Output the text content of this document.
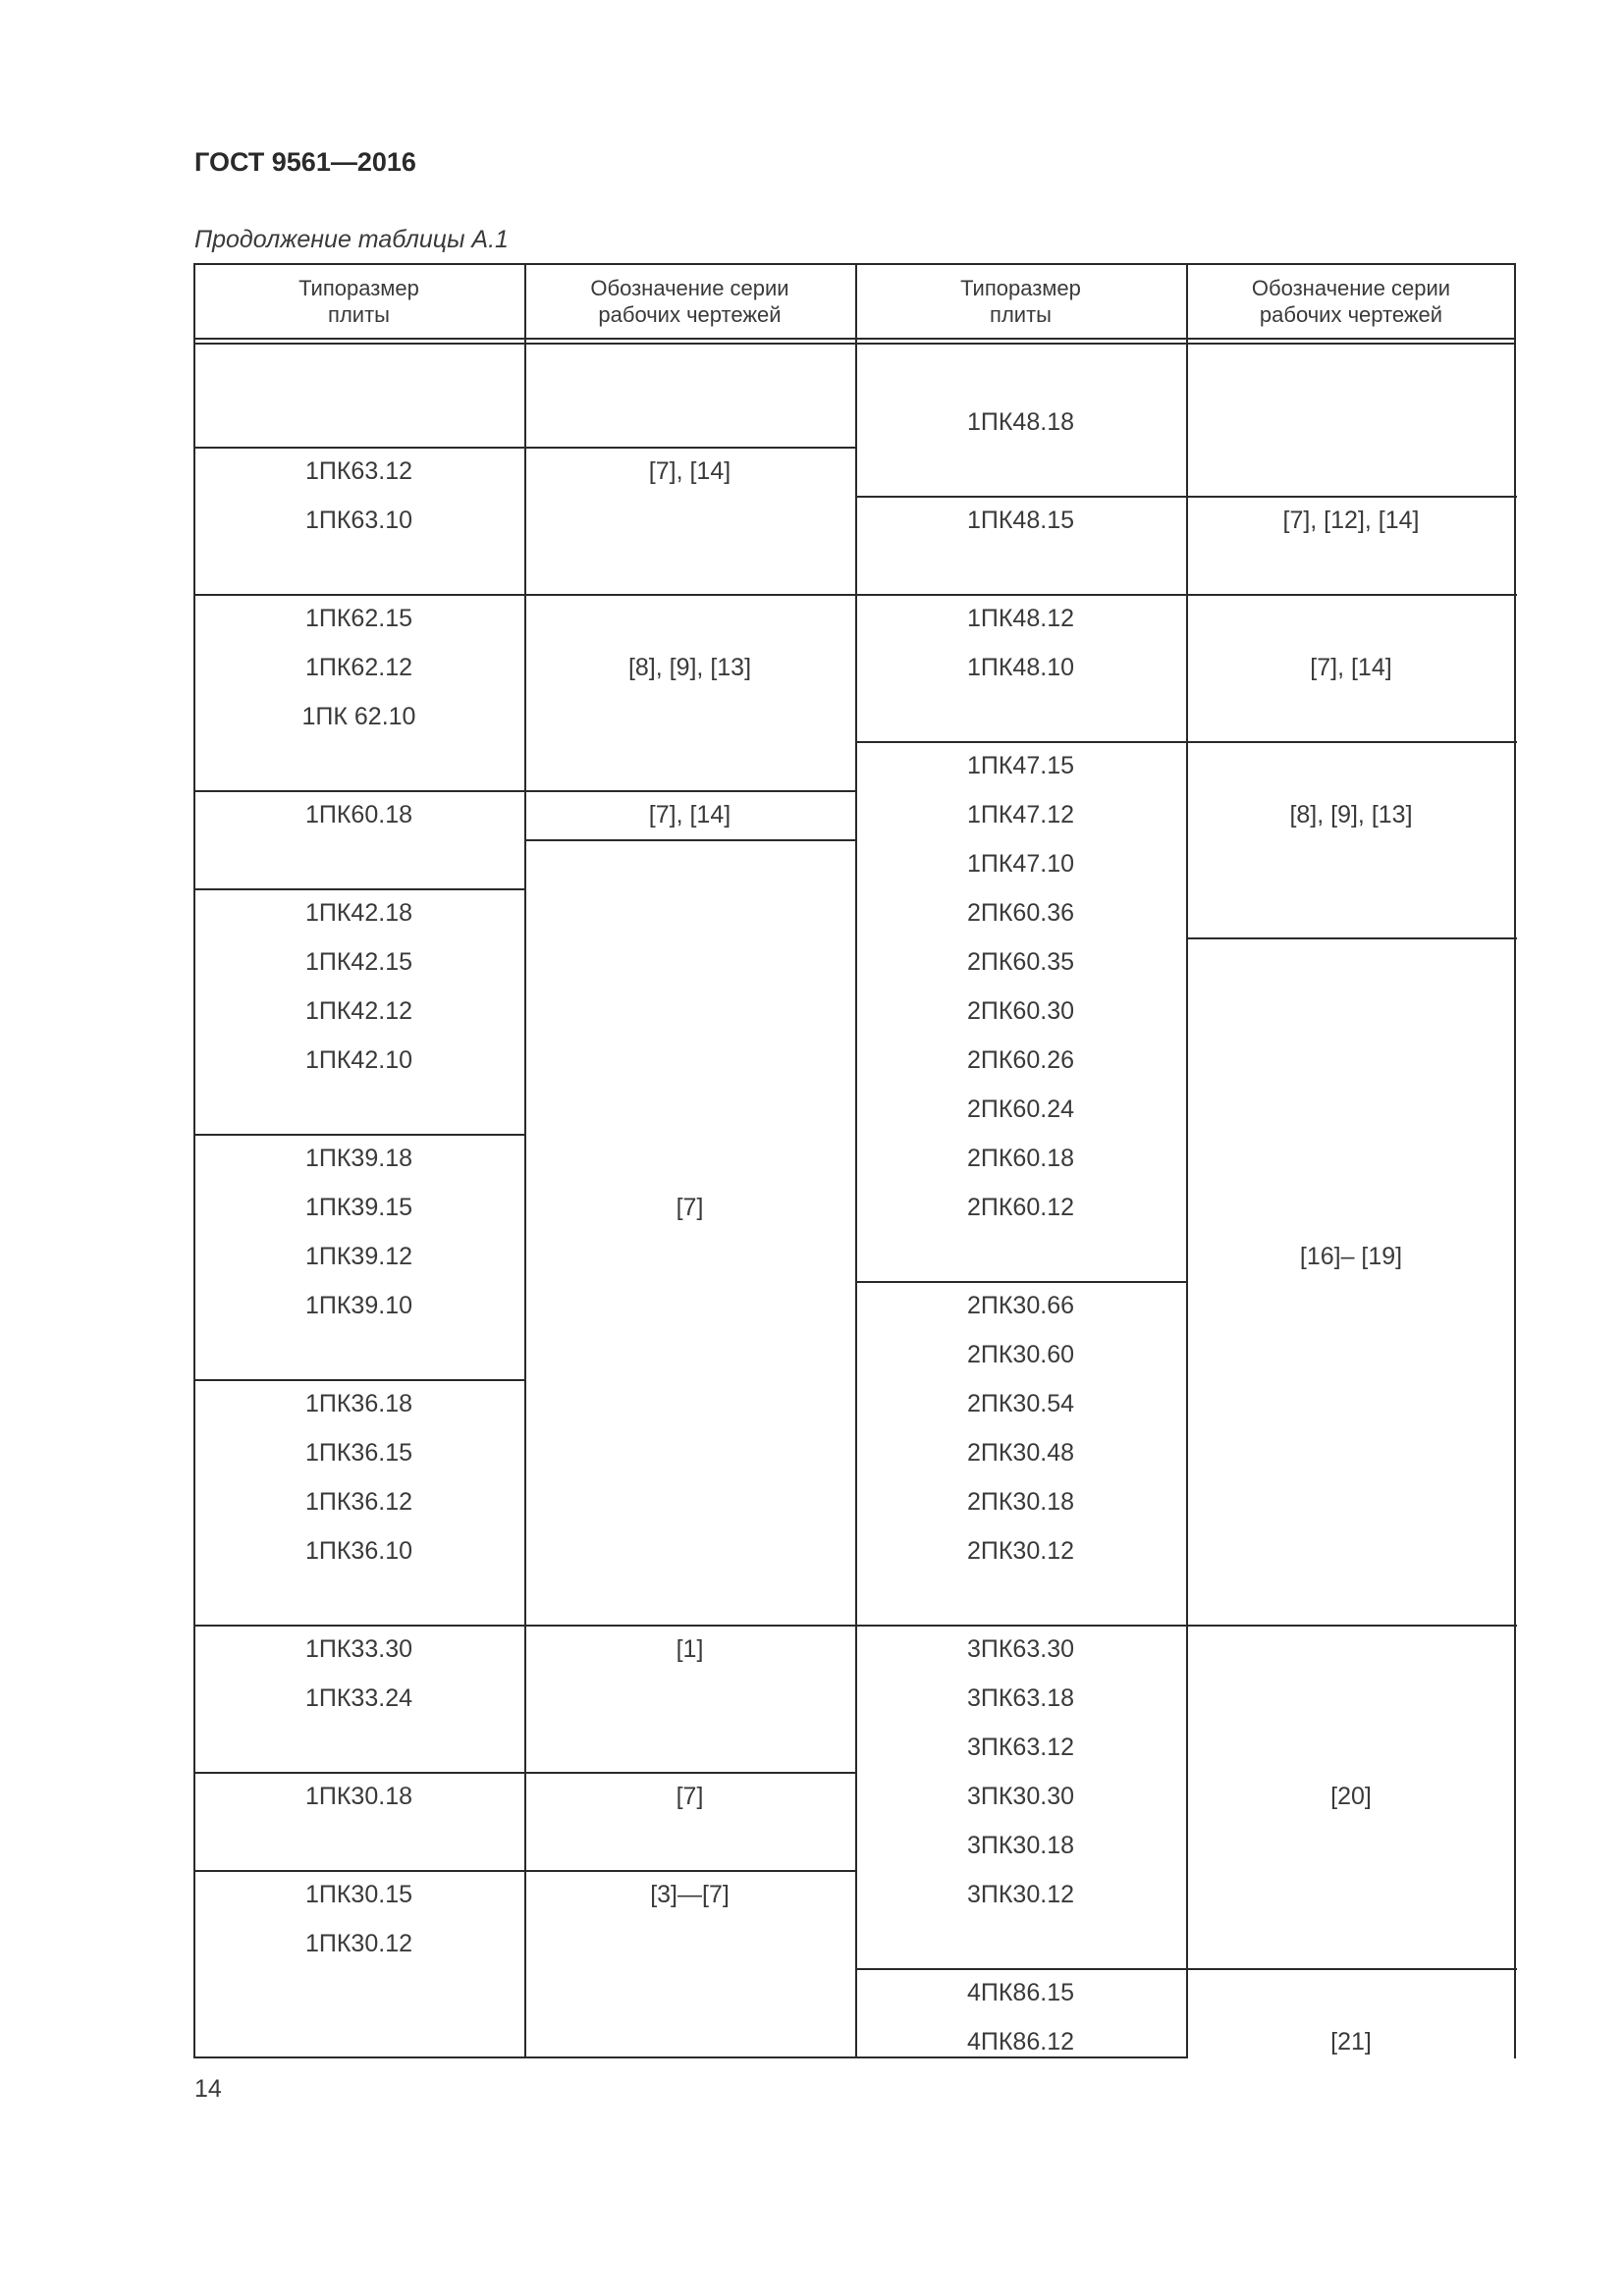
ГОСТ 9561—2016
Продолжение таблицы А.1
Типоразмер
плиты
Обозначение серии
рабочих чертежей
Типоразмер
плиты
Обозначение серии
рабочих чертежей
1ПК63.12
1ПК63.10
1ПК62.15
1ПК62.12
1ПК 62.10
1ПК60.18
1ПК42.18
1ПК42.15
1ПК42.12
1ПК42.10
1ПК39.18
1ПК39.15
1ПК39.12
1ПК39.10
1ПК36.18
1ПК36.15
1ПК36.12
1ПК36.10
1ПК33.30
1ПК33.24
1ПК30.18
1ПК30.15
1ПК30.12
[7], [14]
[8], [9], [13]
[7], [14]
[7]
[1]
[7]
[3]—[7]
1ПК48.18
1ПК48.15
1ПК48.12
1ПК48.10
1ПК47.15
1ПК47.12
1ПК47.10
2ПК60.36
2ПК60.35
2ПК60.30
2ПК60.26
2ПК60.24
2ПК60.18
2ПК60.12
2ПК30.66
2ПК30.60
2ПК30.54
2ПК30.48
2ПК30.18
2ПК30.12
3ПК63.30
3ПК63.18
3ПК63.12
3ПК30.30
3ПК30.18
3ПК30.12
4ПК86.15
4ПК86.12
[7], [12], [14]
[7], [14]
[8], [9], [13]
[16]– [19]
[20]
[21]
14
